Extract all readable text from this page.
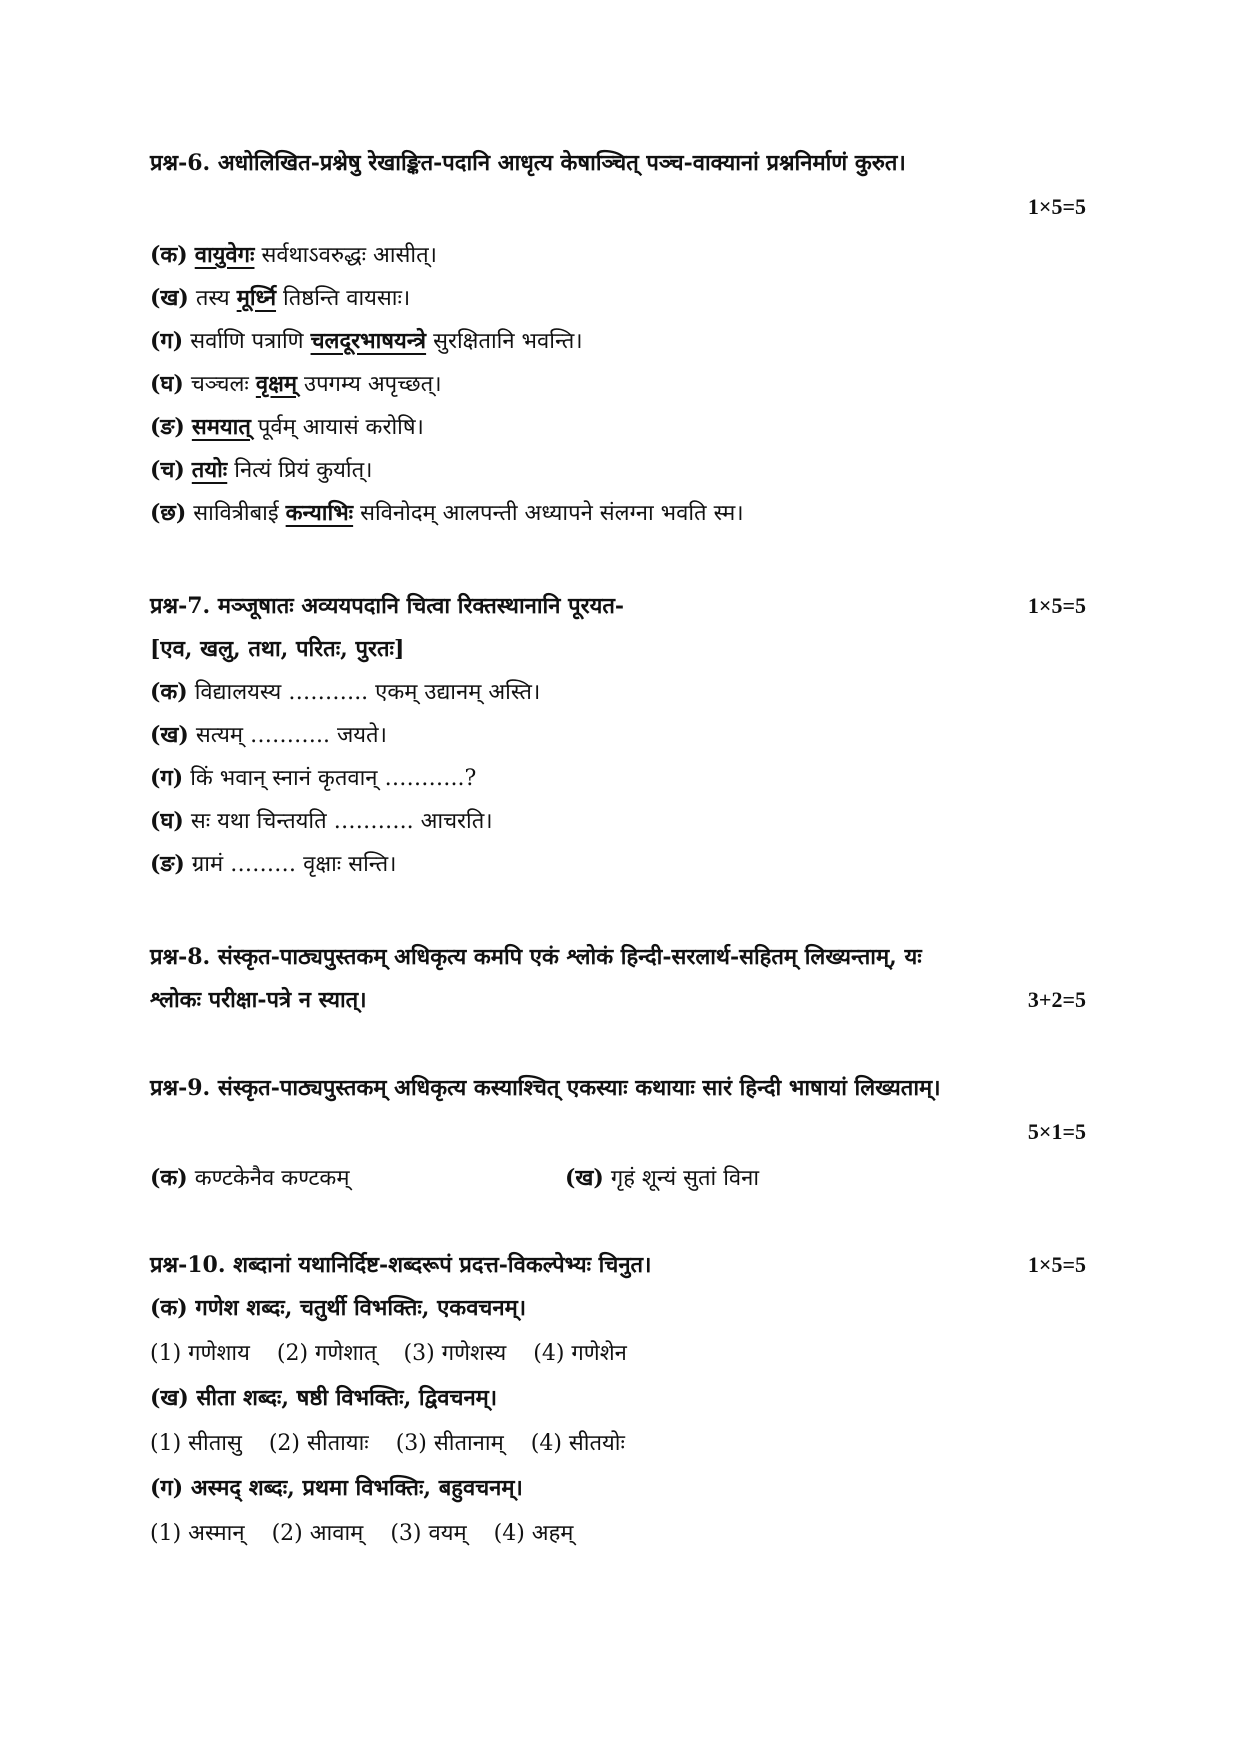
प्रश्न-6. अधोलिखित-प्रश्नेषु रेखाङ्कित-पदानि आधृत्य केषाञ्चित् पञ्च-वाक्यानां प्रश्ननिर्माणं कुरुत।
1×5=5
(क) वायुवेगः सर्वथाऽवरुद्धः आसीत्।
(ख) तस्य मूर्ध्नि तिष्ठन्ति वायसाः।
(ग) सर्वाणि पत्राणि चलदूरभाषयन्त्रे सुरक्षितानि भवन्ति।
(घ) चञ्चलः वृक्षम् उपगम्य अपृच्छत्।
(ङ) समयात् पूर्वम् आयासं करोषि।
(च) तयोः नित्यं प्रियं कुर्यात्।
(छ) सावित्रीबाई कन्याभिः सविनोदम् आलपन्ती अध्यापने संलग्ना भवति स्म।
प्रश्न-7. मञ्जूषातः अव्ययपदानि चित्वा रिक्तस्थानानि पूरयत-	1×5=5
[एव, खलु, तथा, परितः, पुरतः]
(क) विद्यालयस्य ……….. एकम् उद्यानम् अस्ति।
(ख) सत्यम् ……….. जयते।
(ग) किं भवान् स्नानं कृतवान् ………..?
(घ) सः यथा चिन्तयति ……….. आचरति।
(ङ) ग्रामं ……… वृक्षाः सन्ति।
प्रश्न-8. संस्कृत-पाठ्यपुस्तकम् अधिकृत्य कमपि एकं श्लोकं हिन्दी-सरलार्थ-सहितम् लिख्यन्ताम्, यः
श्लोकः परीक्षा-पत्रे न स्यात्।	3+2=5
प्रश्न-9. संस्कृत-पाठ्यपुस्तकम् अधिकृत्य कस्याश्चित् एकस्याः कथायाः सारं हिन्दी भाषायां लिख्यताम्।
5×1=5
(क) कण्टकेनैव कण्टकम्	(ख) गृहं शून्यं सुतां विना
प्रश्न-10. शब्दानां यथानिर्दिष्ट-शब्दरूपं प्रदत्त-विकल्पेभ्यः चिनुत।	1×5=5
(क) गणेश शब्दः, चतुर्थी विभक्तिः, एकवचनम्।
(1) गणेशाय (2) गणेशात् (3) गणेशस्य (4) गणेशेन
(ख) सीता शब्दः, षष्ठी विभक्तिः, द्विवचनम्।
(1) सीतासु (2) सीतायाः (3) सीतानाम् (4) सीतयोः
(ग) अस्मद् शब्दः, प्रथमा विभक्तिः, बहुवचनम्।
(1) अस्मान् (2) आवाम् (3) वयम् (4) अहम्
